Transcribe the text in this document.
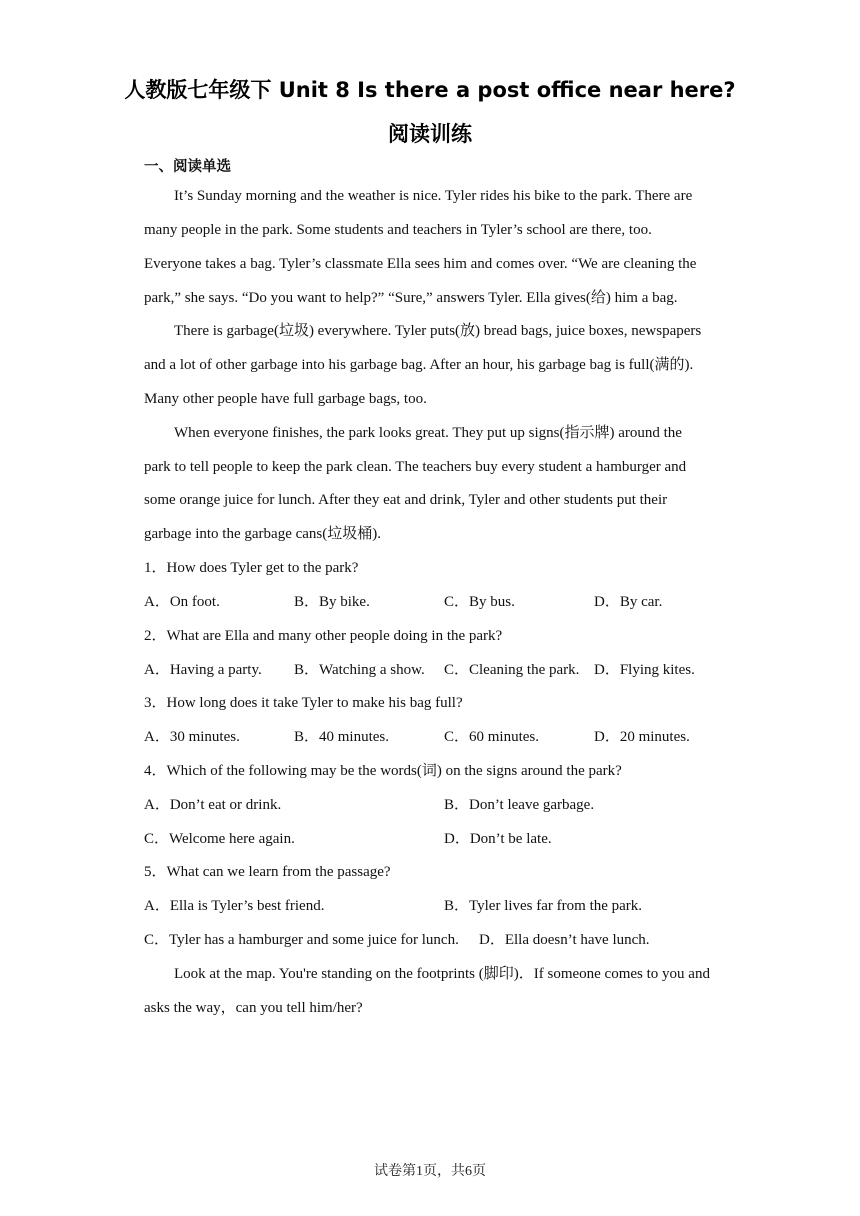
人教版七年级下 Unit 8 Is there a post office near here?
阅读训练
一、阅读单选
It’s Sunday morning and the weather is nice. Tyler rides his bike to the park. There are
many people in the park. Some students and teachers in Tyler’s school are there, too.
Everyone takes a bag. Tyler’s classmate Ella sees him and comes over. “We are cleaning the
park,” she says. “Do you want to help?” “Sure,” answers Tyler. Ella gives(给) him a bag.
There is garbage(垃圾) everywhere. Tyler puts(放) bread bags, juice boxes, newspapers
and a lot of other garbage into his garbage bag. After an hour, his garbage bag is full(满的).
Many other people have full garbage bags, too.
When everyone finishes, the park looks great. They put up signs(指示牌) around the
park to tell people to keep the park clean. The teachers buy every student a hamburger and
some orange juice for lunch. After they eat and drink, Tyler and other students put their
garbage into the garbage cans(垃圾桶).
1．How does Tyler get to the park?
A．On foot.	B．By bike.	C．By bus.	D．By car.
2．What are Ella and many other people doing in the park?
A．Having a party. B．Watching a show. C．Cleaning the park. D．Flying kites.
3．How long does it take Tyler to make his bag full?
A．30 minutes.	B．40 minutes.	C．60 minutes.	D．20 minutes.
4．Which of the following may be the words(词) on the signs around the park?
A．Don’t eat or drink.	B．Don’t leave garbage.
C．Welcome here again.	D．Don’t be late.
5．What can we learn from the passage?
A．Ella is Tyler’s best friend.	B．Tyler lives far from the park.
C．Tyler has a hamburger and some juice for lunch. D．Ella doesn’t have lunch.
Look at the map. You're standing on the footprints (脚印)．If someone comes to you and
asks the way，can you tell him/her?
试卷第1页，共6页
